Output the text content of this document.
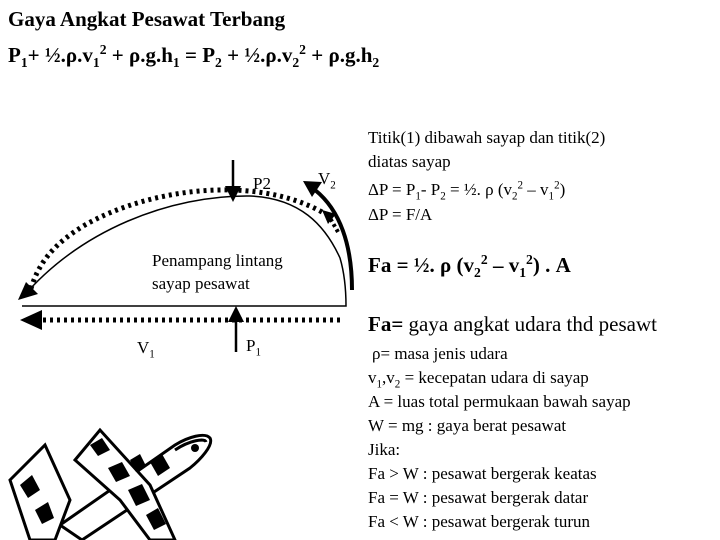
Gaya Angkat Pesawat Terbang
$P_1+$ $\frac{1}{2}.\rho.v_1^2 + \rho.g.h_1 = P_2$ + $\frac{1}{2}.\rho.v_2^2 + \rho.g.h_2$
P2	$V_2$
Penampang lintang
sayap pesawat
$V_1$	$P_1$
Titik(1) dibawah sayap dan titik(2)
diatas sayap
$\Delta P = P_1-$ $P_2$ = ½. ρ $(v_2^2 - v_1^2)$
ΔP = F/A
Fa = ½. ρ $(v_2^2 - v_1^2)$ . A
Fa= gaya angkat udara thd pesawt
ρ= masa jenis udara
$v_1,v_2$ = kecepatan udara di sayap
A = luas total permukaan bawah sayap
W = mg : gaya berat pesawat
Jika:
Fa > W : pesawat bergerak keatas
Fa = W : pesawat bergerak datar
Fa < W : pesawat bergerak turun
